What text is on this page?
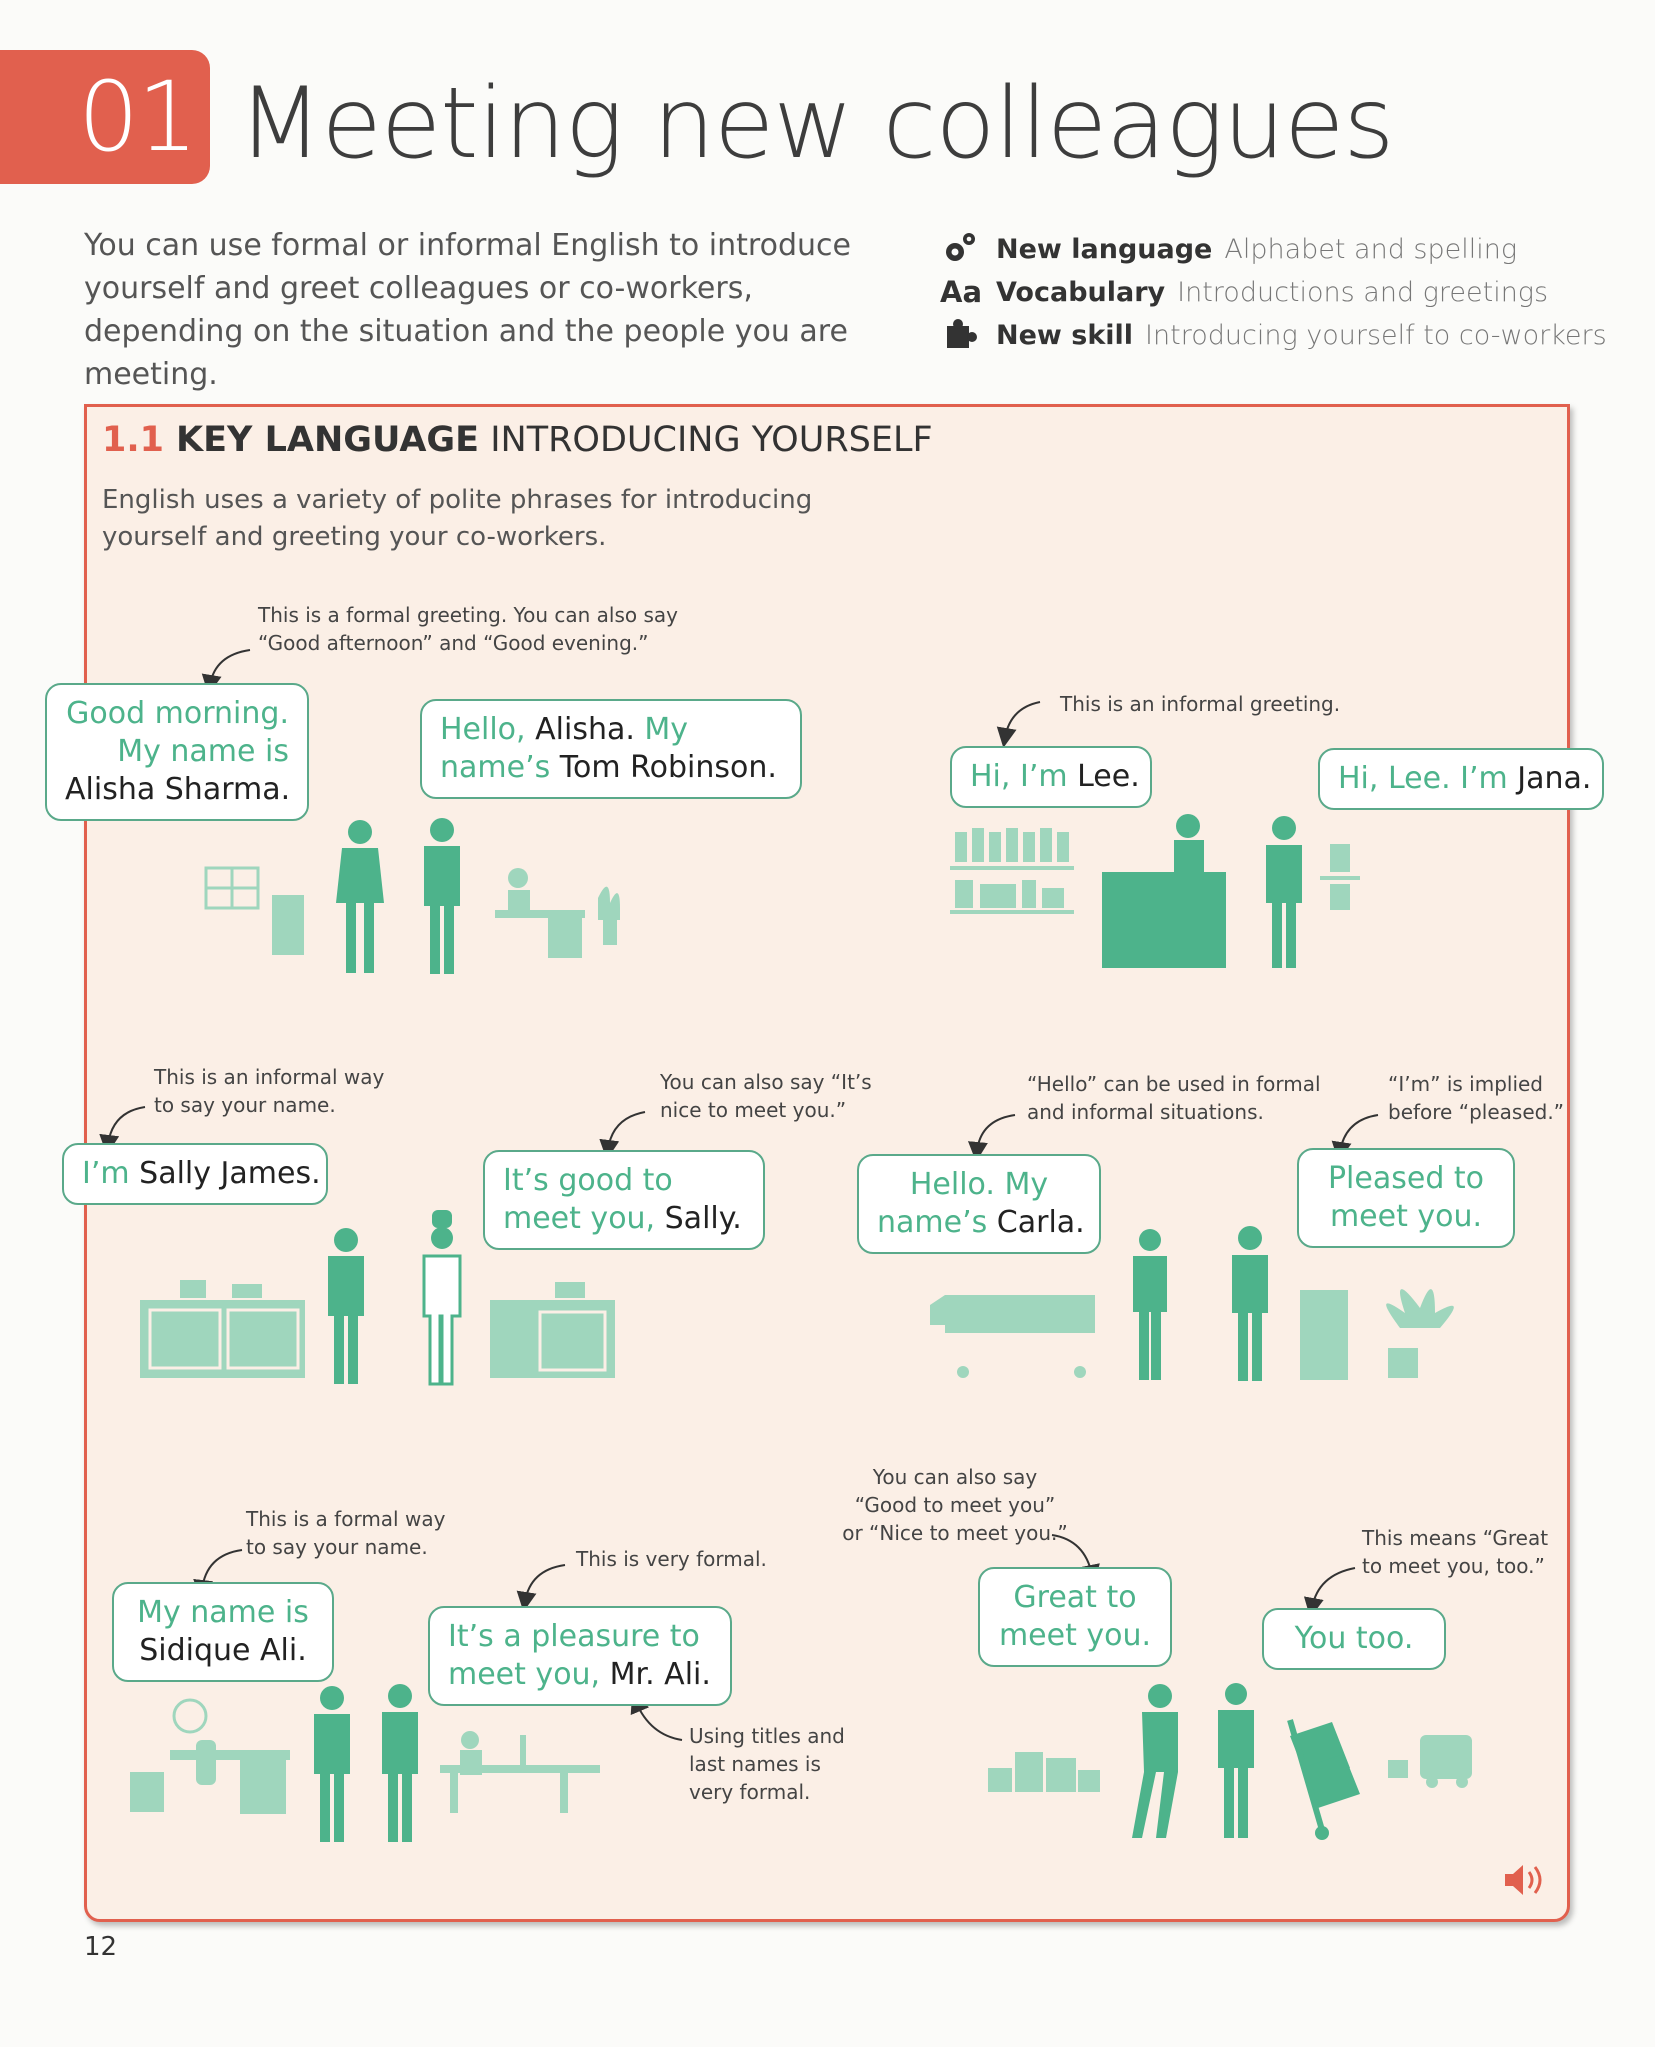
01 Meeting new colleagues
You can use formal or informal English to introduce yourself and greet colleagues or co-workers, depending on the situation and the people you are meeting.
New language Alphabet and spelling
Aa Vocabulary Introductions and greetings
New skill Introducing yourself to co-workers
1.1 KEY LANGUAGE INTRODUCING YOURSELF
English uses a variety of polite phrases for introducing yourself and greeting your co-workers.
This is a formal greeting. You can also say
“Good afternoon” and “Good evening.”
This is an informal greeting.
This is an informal way
to say your name.
You can also say “It’s
nice to meet you.”
“Hello” can be used in formal
and informal situations.
“I’m” is implied
before “pleased.”
This is a formal way
to say your name.	This is very formal.
You can also say
“Good to meet you”
or “Nice to meet you.”	This means “Great
to meet you, too.”
Using titles and
last names is
very formal.
Good morning.
My name is
Alisha Sharma.
Hello, Alisha. My
name’s Tom Robinson.	Hi, I’m Lee.	Hi, Lee. I’m Jana.
I’m Sally James.	It’s good to
meet you, Sally.
Hello. My
name’s Carla.
Pleased to
meet you.
My name is
Sidique Ali.	It’s a pleasure to
meet you, Mr. Ali.
Great to
meet you.	You too.
12
